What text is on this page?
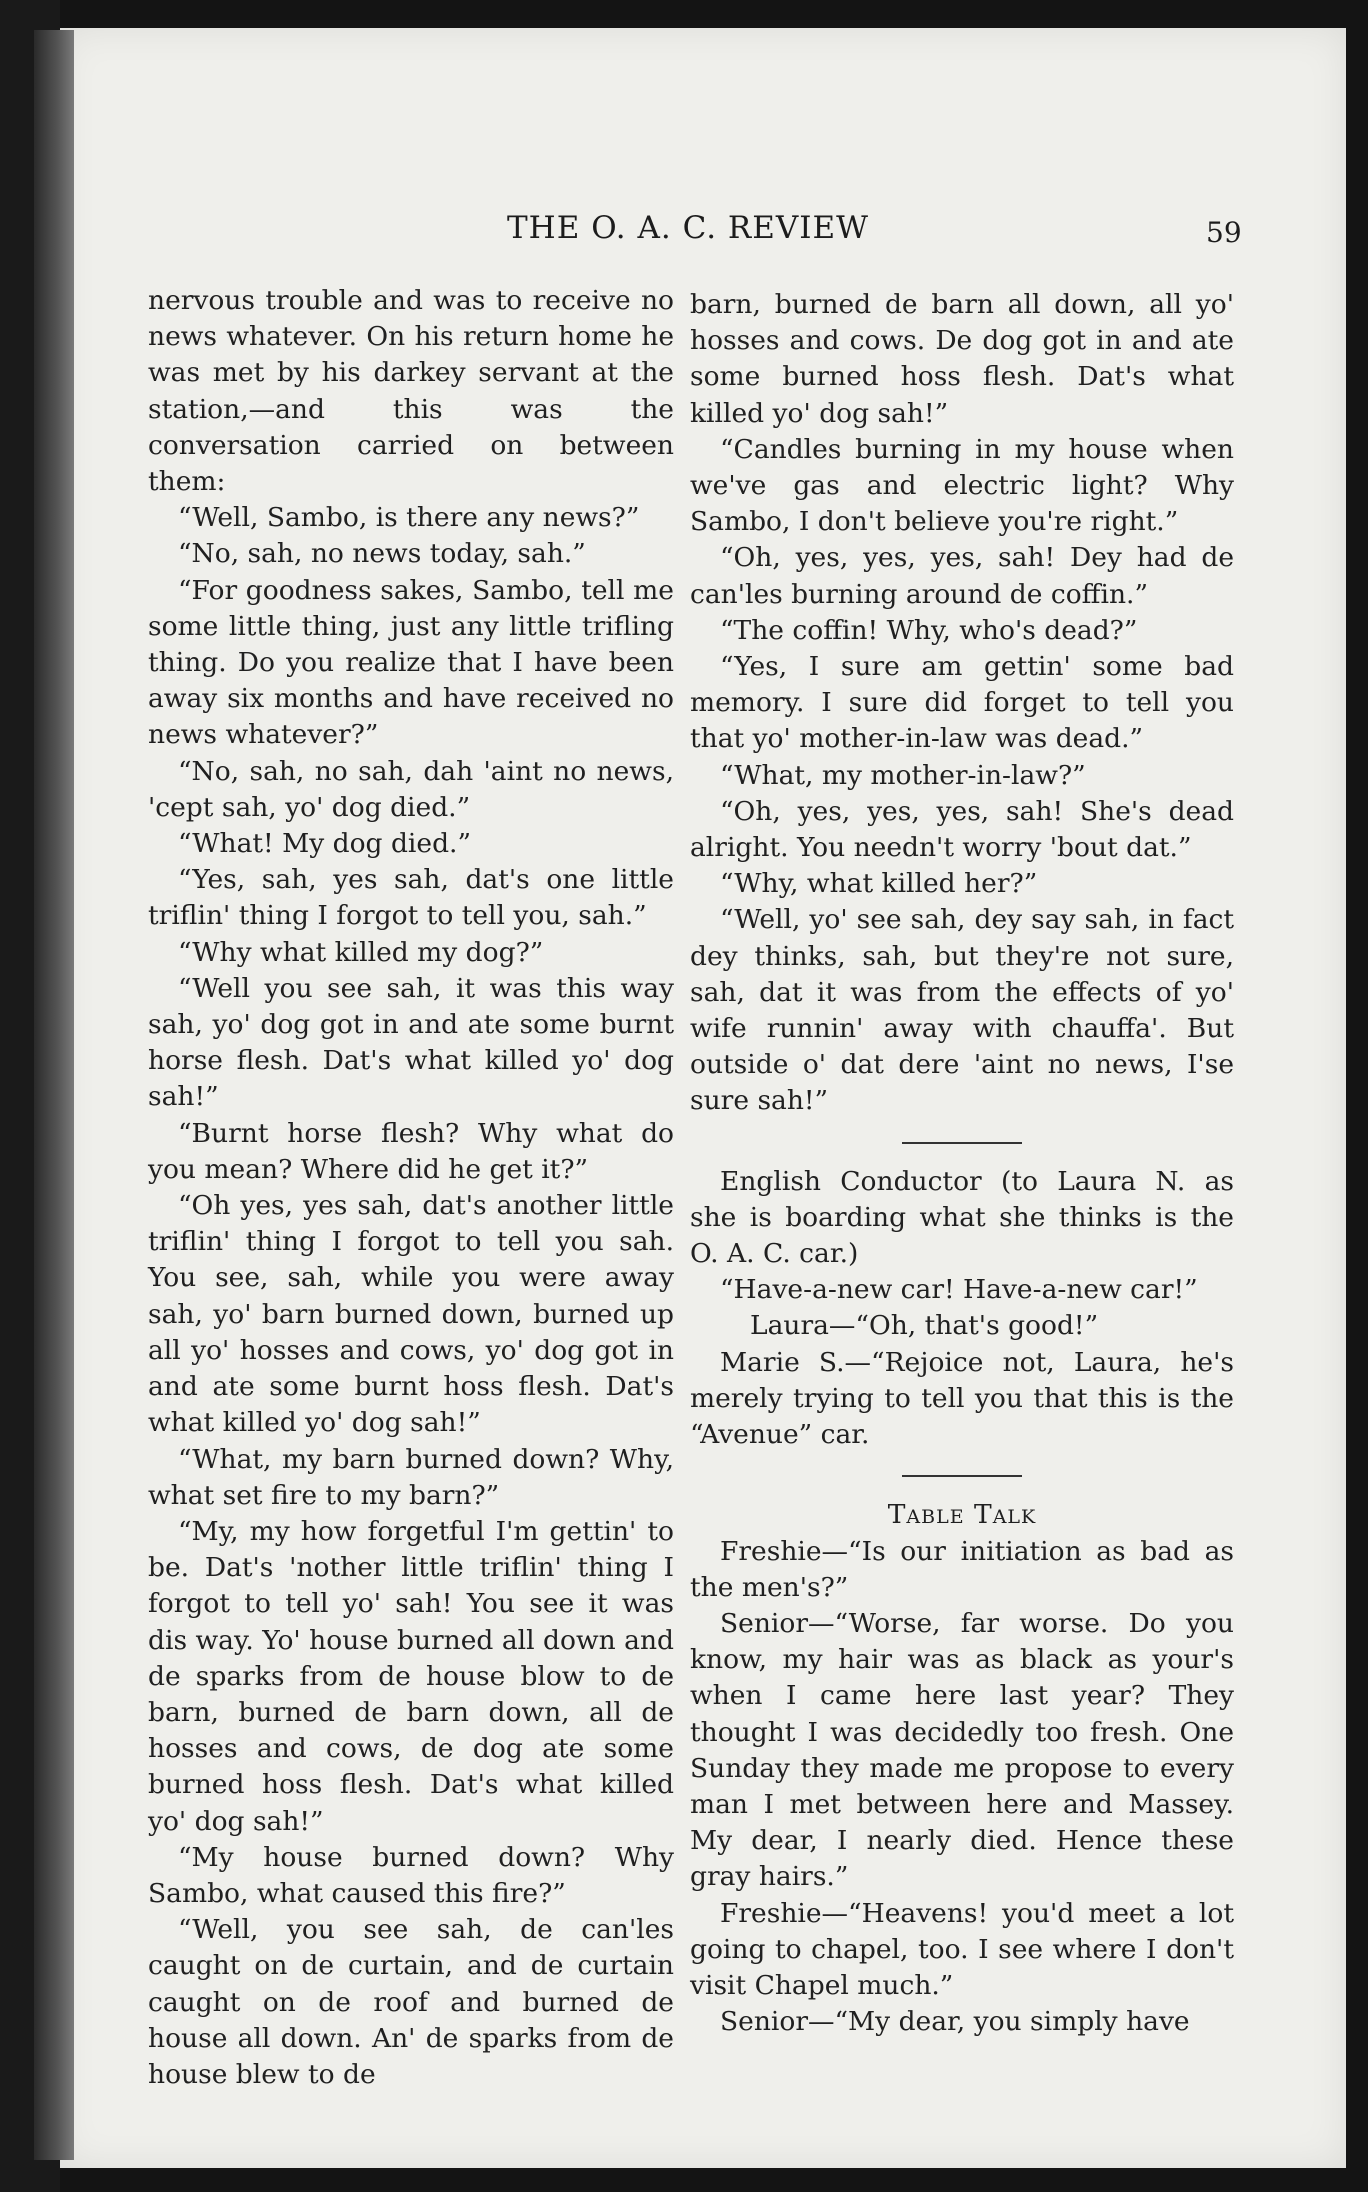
THE O. A. C. REVIEW	59

nervous trouble and was to receive no news whatever. On his return home he was met by his darkey servant at the station,—and this was the conversation carried on between them:

“Well, Sambo, is there any news?”

“No, sah, no news today, sah.”

“For goodness sakes, Sambo, tell me some little thing, just any little trifling thing. Do you realize that I have been away six months and have received no news whatever?”

“No, sah, no sah, dah 'aint no news, 'cept sah, yo' dog died.”

“What! My dog died.”

“Yes, sah, yes sah, dat's one little triflin' thing I forgot to tell you, sah.”

“Why what killed my dog?”

“Well you see sah, it was this way sah, yo' dog got in and ate some burnt horse flesh. Dat's what killed yo' dog sah!”

“Burnt horse flesh? Why what do you mean? Where did he get it?”

“Oh yes, yes sah, dat's another little triflin' thing I forgot to tell you sah. You see, sah, while you were away sah, yo' barn burned down, burned up all yo' hosses and cows, yo' dog got in and ate some burnt hoss flesh. Dat's what killed yo' dog sah!”

“What, my barn burned down? Why, what set fire to my barn?”

“My, my how forgetful I'm gettin' to be. Dat's 'nother little triflin' thing I forgot to tell yo' sah! You see it was dis way. Yo' house burned all down and de sparks from de house blow to de barn, burned de barn down, all de hosses and cows, de dog ate some burned hoss flesh. Dat's what killed yo' dog sah!”

“My house burned down? Why Sambo, what caused this fire?”

“Well, you see sah, de can'les caught on de curtain, and de curtain caught on de roof and burned de house all down. An' de sparks from de house blew to de

barn, burned de barn all down, all yo' hosses and cows. De dog got in and ate some burned hoss flesh. Dat's what killed yo' dog sah!”

“Candles burning in my house when we've gas and electric light? Why Sambo, I don't believe you're right.”

“Oh, yes, yes, yes, sah! Dey had de can'les burning around de coffin.”

“The coffin! Why, who's dead?”

“Yes, I sure am gettin' some bad memory. I sure did forget to tell you that yo' mother-in-law was dead.”

“What, my mother-in-law?”

“Oh, yes, yes, yes, sah! She's dead alright. You needn't worry 'bout dat.”

“Why, what killed her?”

“Well, yo' see sah, dey say sah, in fact dey thinks, sah, but they're not sure, sah, dat it was from the effects of yo' wife runnin' away with chauffa'. But outside o' dat dere 'aint no news, I'se sure sah!”

English Conductor (to Laura N. as she is boarding what she thinks is the O. A. C. car.)

“Have-a-new car! Have-a-new car!”

Laura—“Oh, that's good!”

Marie S.—“Rejoice not, Laura, he's merely trying to tell you that this is the “Avenue” car.

Table Talk

Freshie—“Is our initiation as bad as the men's?”

Senior—“Worse, far worse. Do you know, my hair was as black as your's when I came here last year? They thought I was decidedly too fresh. One Sunday they made me propose to every man I met between here and Massey. My dear, I nearly died. Hence these gray hairs.”

Freshie—“Heavens! you'd meet a lot going to chapel, too. I see where I don't visit Chapel much.”

Senior—“My dear, you simply have
